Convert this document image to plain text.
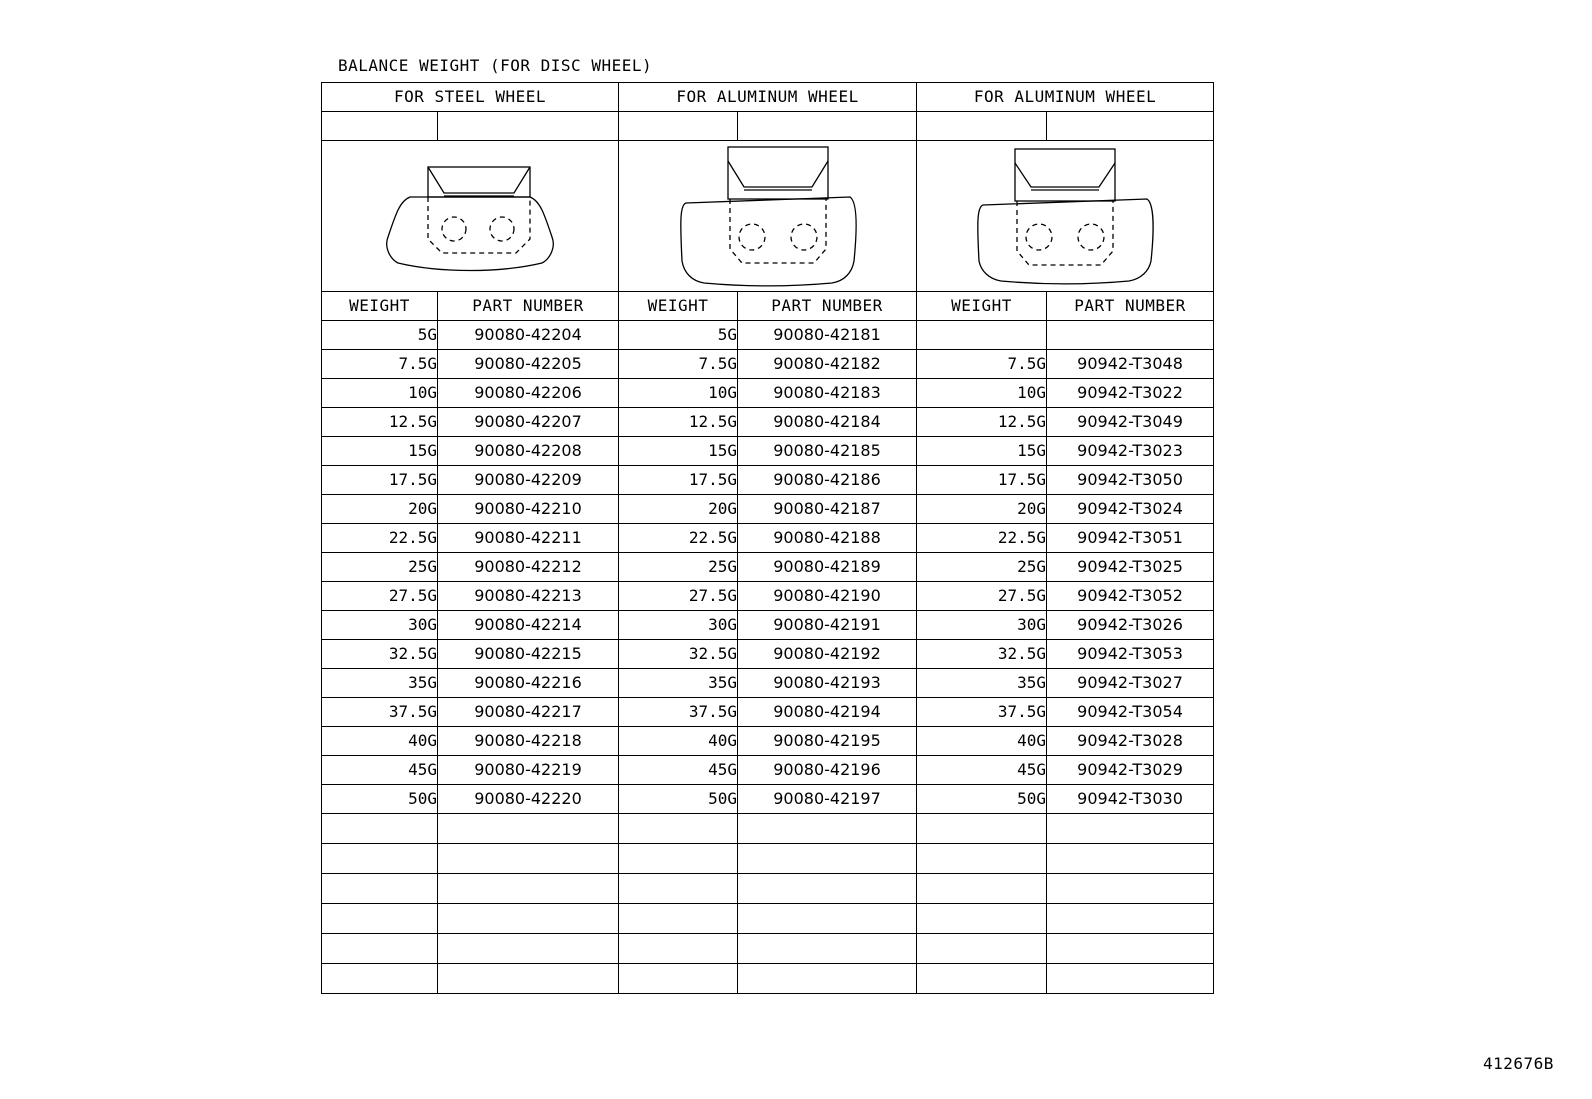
BALANCE WEIGHT (FOR DISC WHEEL)
FOR STEEL WHEEL		FOR ALUMINUM WHEEL		FOR ALUMINUM WHEEL	

WEIGHT	PART NUMBER	WEIGHT	PART NUMBER	WEIGHT	PART NUMBER
5G	90080-42204	5G	90080-42181		
7.5G	90080-42205	7.5G	90080-42182	7.5G	90942-T3048
10G	90080-42206	10G	90080-42183	10G	90942-T3022
12.5G	90080-42207	12.5G	90080-42184	12.5G	90942-T3049
15G	90080-42208	15G	90080-42185	15G	90942-T3023
17.5G	90080-42209	17.5G	90080-42186	17.5G	90942-T3050
20G	90080-42210	20G	90080-42187	20G	90942-T3024
22.5G	90080-42211	22.5G	90080-42188	22.5G	90942-T3051
25G	90080-42212	25G	90080-42189	25G	90942-T3025
27.5G	90080-42213	27.5G	90080-42190	27.5G	90942-T3052
30G	90080-42214	30G	90080-42191	30G	90942-T3026
32.5G	90080-42215	32.5G	90080-42192	32.5G	90942-T3053
35G	90080-42216	35G	90080-42193	35G	90942-T3027
37.5G	90080-42217	37.5G	90080-42194	37.5G	90942-T3054
40G	90080-42218	40G	90080-42195	40G	90942-T3028
45G	90080-42219	45G	90080-42196	45G	90942-T3029
50G	90080-42220	50G	90080-42197	50G	90942-T3030

412676B
